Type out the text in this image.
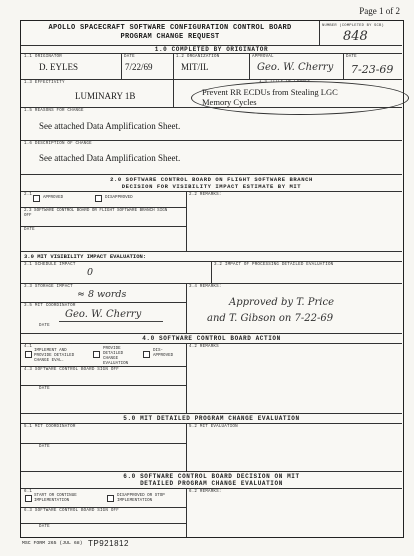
Page 1 of 2
APOLLO SPACECRAFT SOFTWARE CONFIGURATION CONTROL BOARD
PROGRAM CHANGE REQUEST
NUMBER (COMPLETED BY SCB)
848
1.0 COMPLETED BY ORIGINATOR
1.1 ORIGINATOR
D. EYLES
DATE
7/22/69
1.2 ORGANIZATION
MIT/IL
APPROVAL
Geo. W. Cherry
DATE
7-23-69
1.3 EFFECTIVITY
LUMINARY 1B
1.4 TITLE OF CHANGE
Prevent RR ECDUs from Stealing LGC
Memory Cycles
1.5 REASONS FOR CHANGE
See attached Data Amplification Sheet.
1.6 DESCRIPTION OF CHANGE
See attached Data Amplification Sheet.
2.0 SOFTWARE CONTROL BOARD ON FLIGHT SOFTWARE BRANCH
DECISION FOR VISIBILITY IMPACT ESTIMATE BY MIT
2.1
APPROVED	DISAPPROVED
2.2 REMARKS:
2.3 SOFTWARE CONTROL BOARD OR FLIGHT SOFTWARE BRANCH SIGN OFF
DATE
3.0 MIT VISIBILITY IMPACT EVALUATION:
3.1 SCHEDULE IMPACT
0
3.2 IMPACT OF PROCESSING DETAILED EVALUATION
3.3 STORAGE IMPACT
≈ 8 words
3.4 REMARKS:
Approved by T. Price
and T. Gibson on 7-22-69
3.5 MIT COORDINATOR
Geo. W. Cherry
DATE
4.0 SOFTWARE CONTROL BOARD ACTION
4.1
IMPLEMENT AND PROVIDE DETAILED CHANGE EVAL.
PROVIDE DETAILED CHANGE EVALUATION
DIS- APPROVED
4.2 REMARKS
4.3 SOFTWARE CONTROL BOARD SIGN OFF
DATE
5.0 MIT DETAILED PROGRAM CHANGE EVALUATION
5.1 MIT COORDINATOR	5.2 MIT EVALUATION
DATE
6.0 SOFTWARE CONTROL BOARD DECISION ON MIT
DETAILED PROGRAM CHANGE EVALUATION
6.1
START OR CONTINUE IMPLEMENTATION
DISAPPROVED OR STOP IMPLEMENTATION
6.2 REMARKS:
6.3 SOFTWARE CONTROL BOARD SIGN OFF
DATE
MSC FORM 265 (JUL 68) TP921812
